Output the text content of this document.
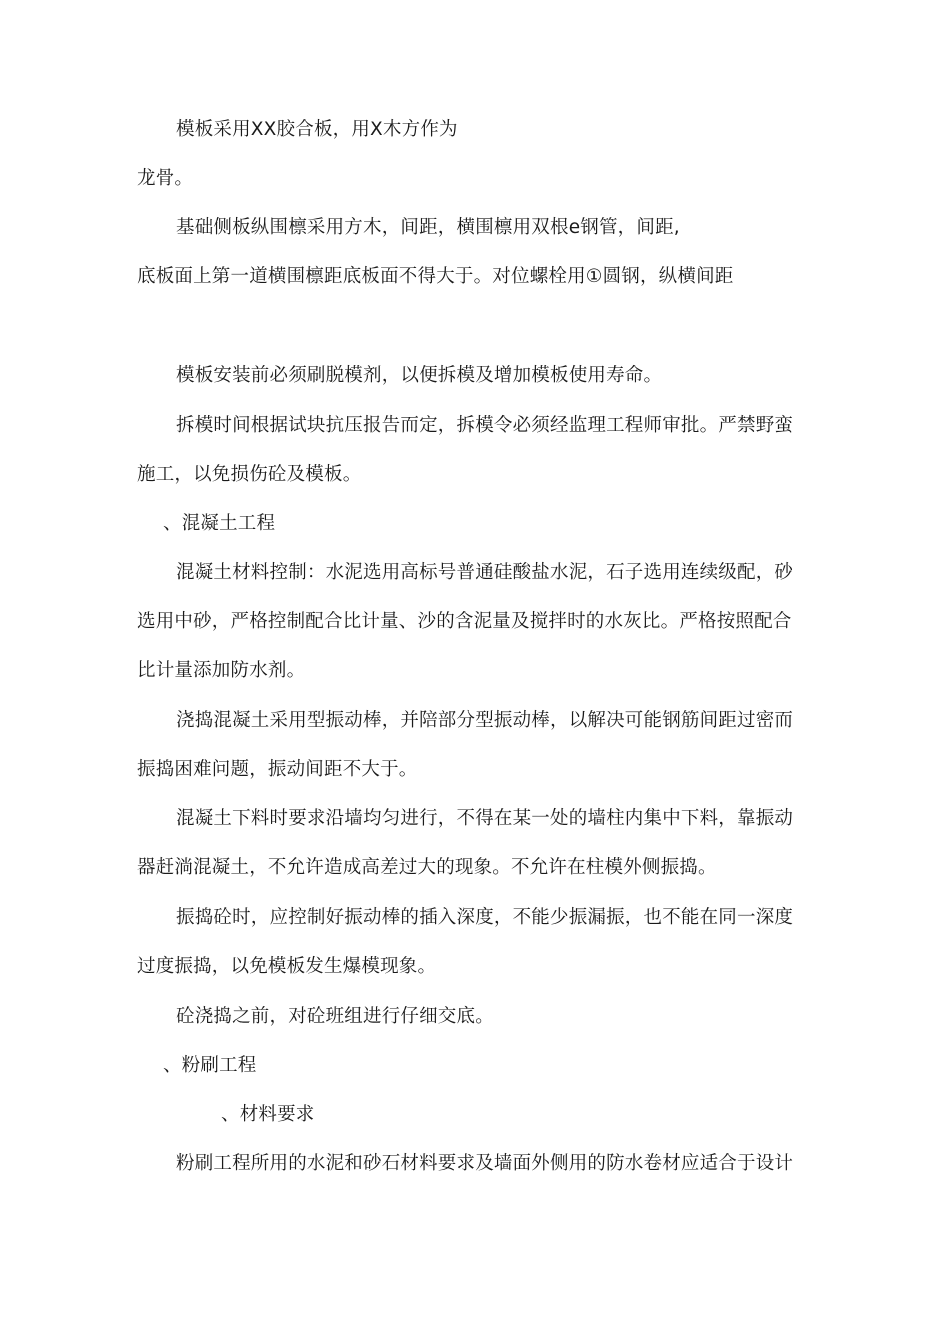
模板采用XX胶合板，用X木方作为
龙骨。
基础侧板纵围檩采用方木，间距，横围檩用双根e钢管，间距,
底板面上第一道横围檩距底板面不得大于。对位螺栓用①圆钢，纵横间距
模板安装前必须刷脱模剂，以便拆模及增加模板使用寿命。
拆模时间根据试块抗压报告而定，拆模令必须经监理工程师审批。严禁野蛮
施工，以免损伤砼及模板。
、混凝土工程
混凝土材料控制：水泥选用高标号普通硅酸盐水泥，石子选用连续级配，砂
选用中砂，严格控制配合比计量、沙的含泥量及搅拌时的水灰比。严格按照配合
比计量添加防水剂。
浇捣混凝土采用型振动棒，并陪部分型振动棒，以解决可能钢筋间距过密而
振捣困难问题，振动间距不大于。
混凝土下料时要求沿墙均匀进行，不得在某一处的墙柱内集中下料，靠振动
器赶淌混凝土，不允许造成高差过大的现象。不允许在柱模外侧振捣。
振捣砼时，应控制好振动棒的插入深度，不能少振漏振，也不能在同一深度
过度振捣，以免模板发生爆模现象。
砼浇捣之前，对砼班组进行仔细交底。
、粉刷工程
、材料要求
粉刷工程所用的水泥和砂石材料要求及墙面外侧用的防水卷材应适合于设计
